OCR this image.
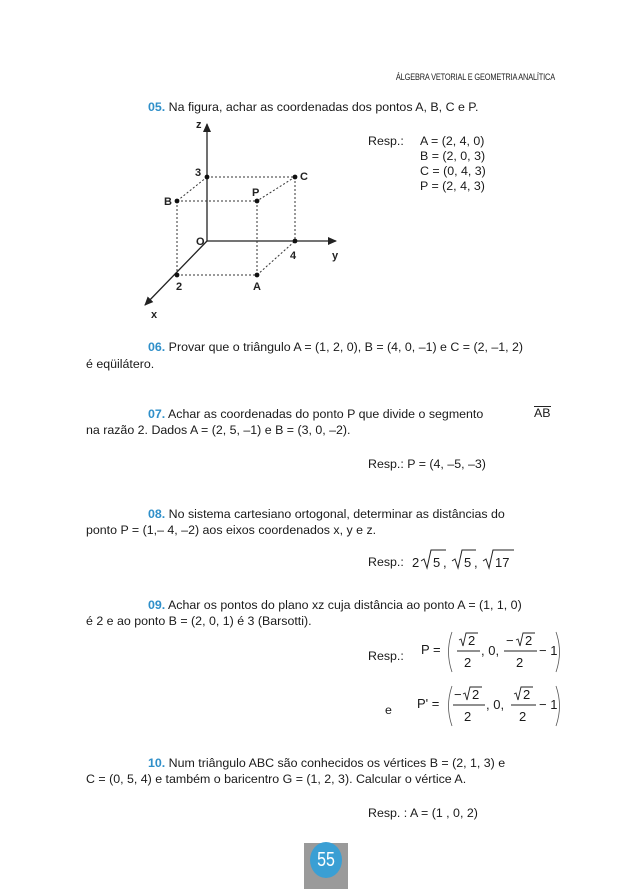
ÁLGEBRA VETORIAL E GEOMETRIA ANALÍTICA
05. Na figura, achar as coordenadas dos pontos A, B, C e P.
Resp.: A = (2, 4, 0)
B = (2, 0, 3)
C = (0, 4, 3)
P = (2, 4, 3)
z
y
x
O
3
4
2	A
B
C
P
06. Provar que o triângulo A = (1, 2, 0), B = (4, 0, –1) e C = (2, –1, 2)
é eqüilátero.
07. Achar as coordenadas do ponto P que divide o segmento	AB
na razão 2. Dados A = (2, 5, –1) e B = (3, 0, –2).
Resp.: P = (4, –5, –3)
08. No sistema cartesiano ortogonal, determinar as distâncias do
ponto P = (1,– 4, –2) aos eixos coordenados x, y e z.
Resp.: 2 5 , 5 , 17
09. Achar os pontos do plano xz cuja distância ao ponto A = (1, 1, 0)
é 2 e ao ponto B = (2, 0, 1) é 3 (Barsotti).
Resp.: P =
2
2
, 0,
− 2
2
− 1
e P' =
− 2
2
, 0,
2
2
− 1
10. Num triângulo ABC são conhecidos os vértices B = (2, 1, 3) e
C = (0, 5, 4) e também o baricentro G = (1, 2, 3). Calcular o vértice A.
Resp. : A = (1 , 0, 2)
55
